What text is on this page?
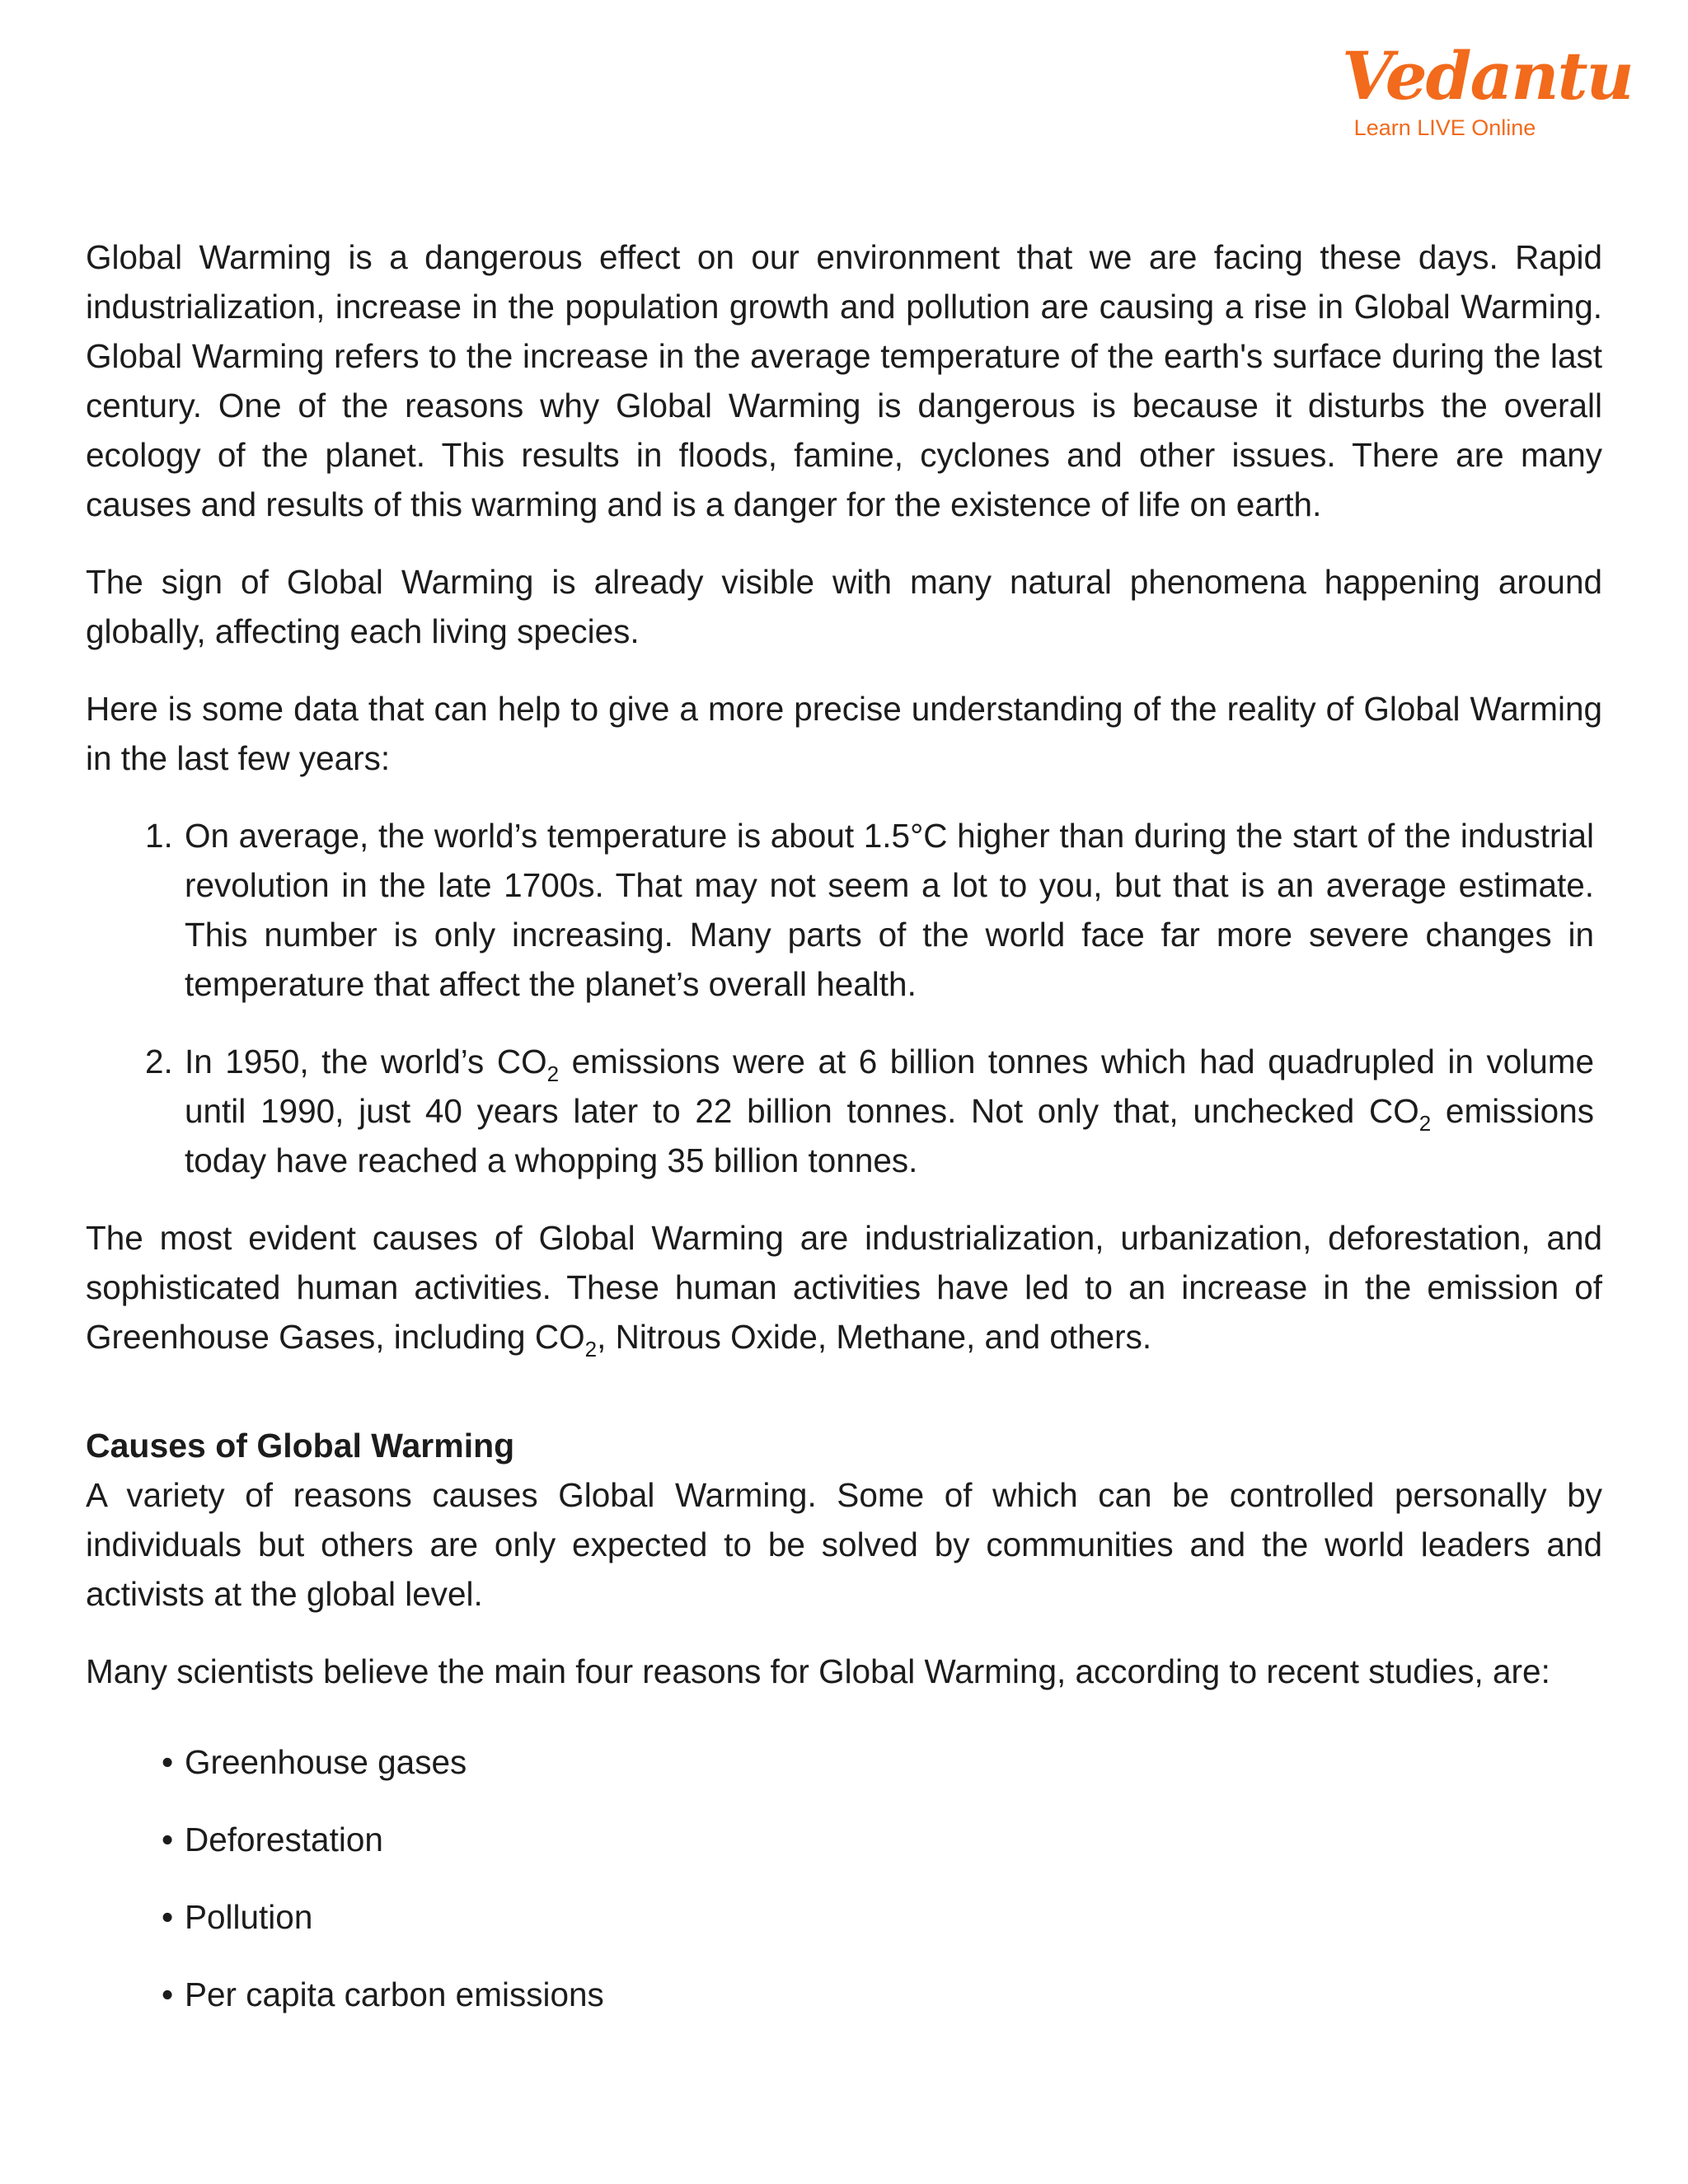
Vedantu
Learn LIVE Online

Global Warming is a dangerous effect on our environment that we are facing these days. Rapid industrialization, increase in the population growth and pollution are causing a rise in Global Warming. Global Warming refers to the increase in the average temperature of the earth's surface during the last century. One of the reasons why Global Warming is dangerous is because it disturbs the overall ecology of the planet. This results in floods, famine, cyclones and other issues. There are many causes and results of this warming and is a danger for the existence of life on earth.

The sign of Global Warming is already visible with many natural phenomena happening around globally, affecting each living species.

Here is some data that can help to give a more precise understanding of the reality of Global Warming in the last few years:

1. On average, the world’s temperature is about 1.5°C higher than during the start of the industrial revolution in the late 1700s. That may not seem a lot to you, but that is an average estimate. This number is only increasing. Many parts of the world face far more severe changes in temperature that affect the planet’s overall health.
2. In 1950, the world’s $CO_2$ emissions were at 6 billion tonnes which had quadrupled in volume until 1990, just 40 years later to 22 billion tonnes. Not only that, unchecked $CO_2$ emissions today have reached a whopping 35 billion tonnes.

The most evident causes of Global Warming are industrialization, urbanization, deforestation, and sophisticated human activities. These human activities have led to an increase in the emission of Greenhouse Gases, including $CO_2$, Nitrous Oxide, Methane, and others.

Causes of Global Warming

A variety of reasons causes Global Warming. Some of which can be controlled personally by individuals but others are only expected to be solved by communities and the world leaders and activists at the global level.

Many scientists believe the main four reasons for Global Warming, according to recent studies, are:

• Greenhouse gases
• Deforestation
• Pollution
• Per capita carbon emissions
